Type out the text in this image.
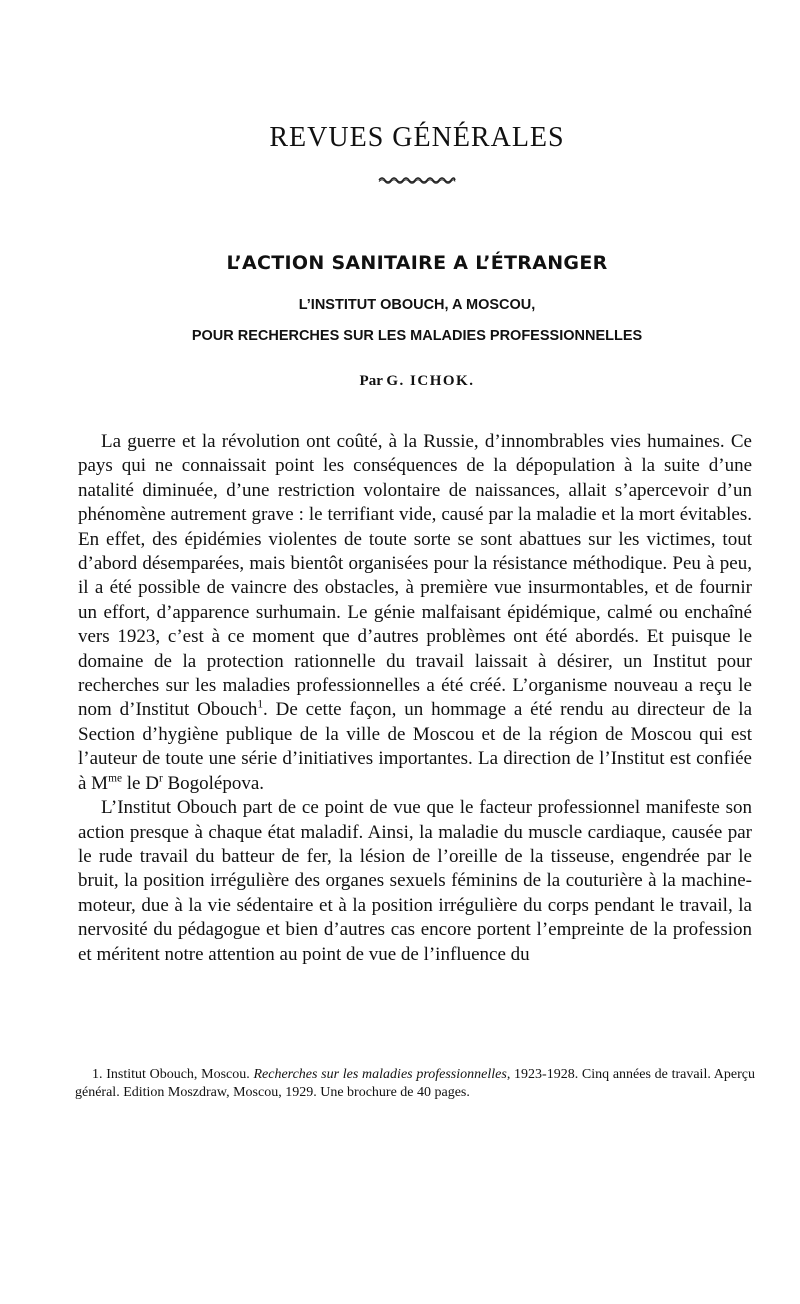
REVUES GÉNÉRALES
L’ACTION SANITAIRE A L’ÉTRANGER
L’INSTITUT OBOUCH, A MOSCOU,
POUR RECHERCHES SUR LES MALADIES PROFESSIONNELLES
Par G. ICHOK.

La guerre et la révolution ont coûté, à la Russie, d’innombrables vies humaines. Ce pays qui ne connaissait point les conséquences de la dépopulation à la suite d’une natalité diminuée, d’une restriction volontaire de naissances, allait s’apercevoir d’un phénomène autrement grave : le terrifiant vide, causé par la maladie et la mort évitables. En effet, des épidémies violentes de toute sorte se sont abattues sur les victimes, tout d’abord désemparées, mais bientôt organisées pour la résistance méthodique. Peu à peu, il a été possible de vaincre des obstacles, à première vue insurmontables, et de fournir un effort, d’apparence surhumain. Le génie malfaisant épidémique, calmé ou enchaîné vers 1923, c’est à ce moment que d’autres problèmes ont été abordés. Et puisque le domaine de la protection rationnelle du travail laissait à désirer, un Institut pour recherches sur les maladies professionnelles a été créé. L’organisme nouveau a reçu le nom d’Institut Obouch$^1$. De cette façon, un hommage a été rendu au directeur de la Section d’hygiène publique de la ville de Moscou et de la région de Moscou qui est l’auteur de toute une série d’initiatives importantes. La direction de l’Institut est confiée à $M^{me}$ le $D^r$ Bogolépova.

L’Institut Obouch part de ce point de vue que le facteur professionnel manifeste son action presque à chaque état maladif. Ainsi, la maladie du muscle cardiaque, causée par le rude travail du batteur de fer, la lésion de l’oreille de la tisseuse, engendrée par le bruit, la position irrégulière des organes sexuels féminins de la couturière à la machine-moteur, due à la vie sédentaire et à la position irrégulière du corps pendant le travail, la nervosité du pédagogue et bien d’autres cas encore portent l’empreinte de la profession et méritent notre attention au point de vue de l’influence du

1. Institut Obouch, Moscou. Recherches sur les maladies professionnelles, 1923-1928. Cinq années de travail. Aperçu général. Edition Moszdraw, Moscou, 1929. Une brochure de 40 pages.
